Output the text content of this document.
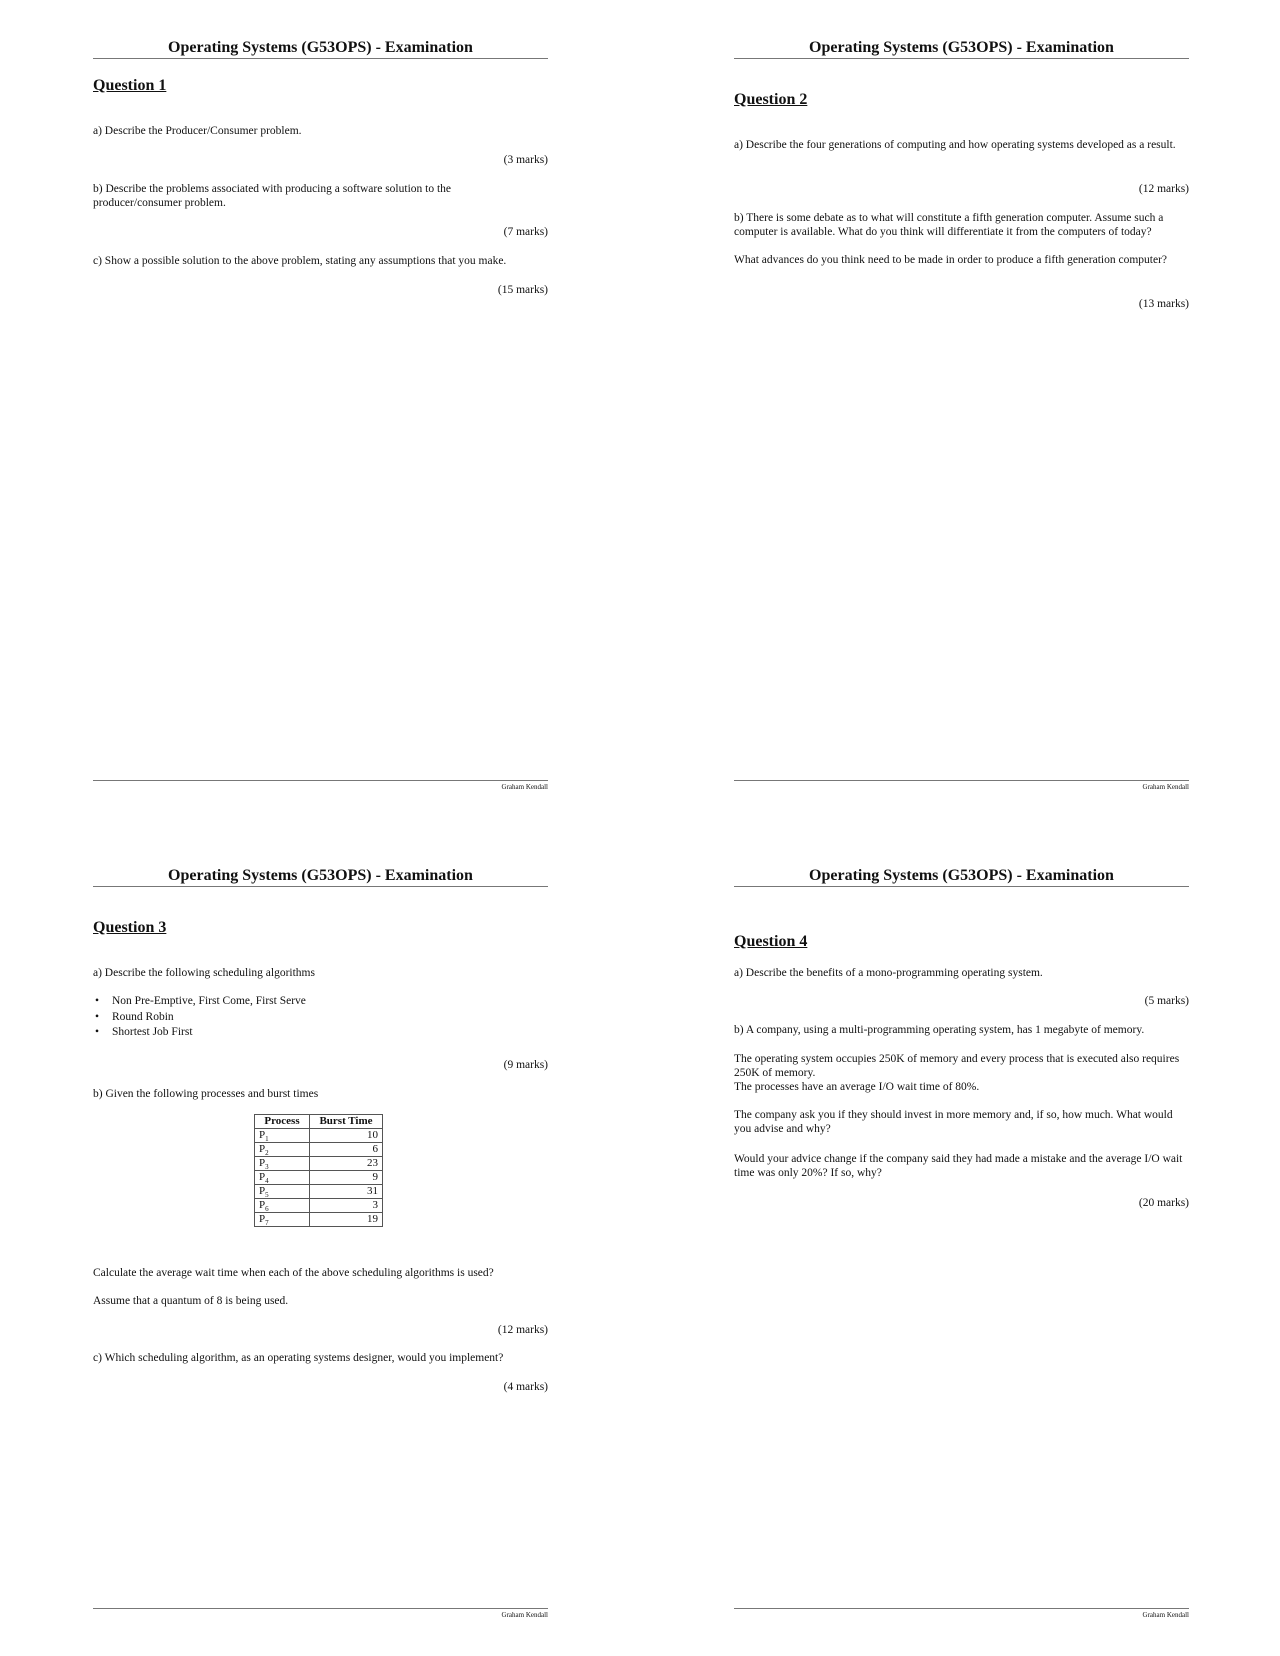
Operating Systems (G53OPS) - Examination
Question 1
a) Describe the Producer/Consumer problem.
(3 marks)
b) Describe the problems associated with producing a software solution to the producer/consumer problem.
(7 marks)
c) Show a possible solution to the above problem, stating any assumptions that you make.
(15 marks)
Graham Kendall
Operating Systems (G53OPS) - Examination
Question 2
a) Describe the four generations of computing and how operating systems developed as a result.
(12 marks)
b) There is some debate as to what will constitute a fifth generation computer. Assume such a computer is available. What do you think will differentiate it from the computers of today?
What advances do you think need to be made in order to produce a fifth generation computer?
(13 marks)
Graham Kendall
Operating Systems (G53OPS) - Examination
Question 3
a) Describe the following scheduling algorithms
• Non Pre-Emptive, First Come, First Serve
• Round Robin
• Shortest Job First
(9 marks)
b) Given the following processes and burst times
Process	Burst Time
$P_1$	10
$P_2$	6
$P_3$	23
$P_4$	9
$P_5$	31
$P_6$	3
$P_7$	19
Calculate the average wait time when each of the above scheduling algorithms is used?
Assume that a quantum of 8 is being used.
(12 marks)
c) Which scheduling algorithm, as an operating systems designer, would you implement?
(4 marks)
Graham Kendall
Operating Systems (G53OPS) - Examination
Question 4
a) Describe the benefits of a mono-programming operating system.
(5 marks)
b) A company, using a multi-programming operating system, has 1 megabyte of memory.
The operating system occupies 250K of memory and every process that is executed also requires 250K of memory.
The processes have an average I/O wait time of 80%.
The company ask you if they should invest in more memory and, if so, how much. What would you advise and why?
Would your advice change if the company said they had made a mistake and the average I/O wait time was only 20%? If so, why?
(20 marks)
Graham Kendall
